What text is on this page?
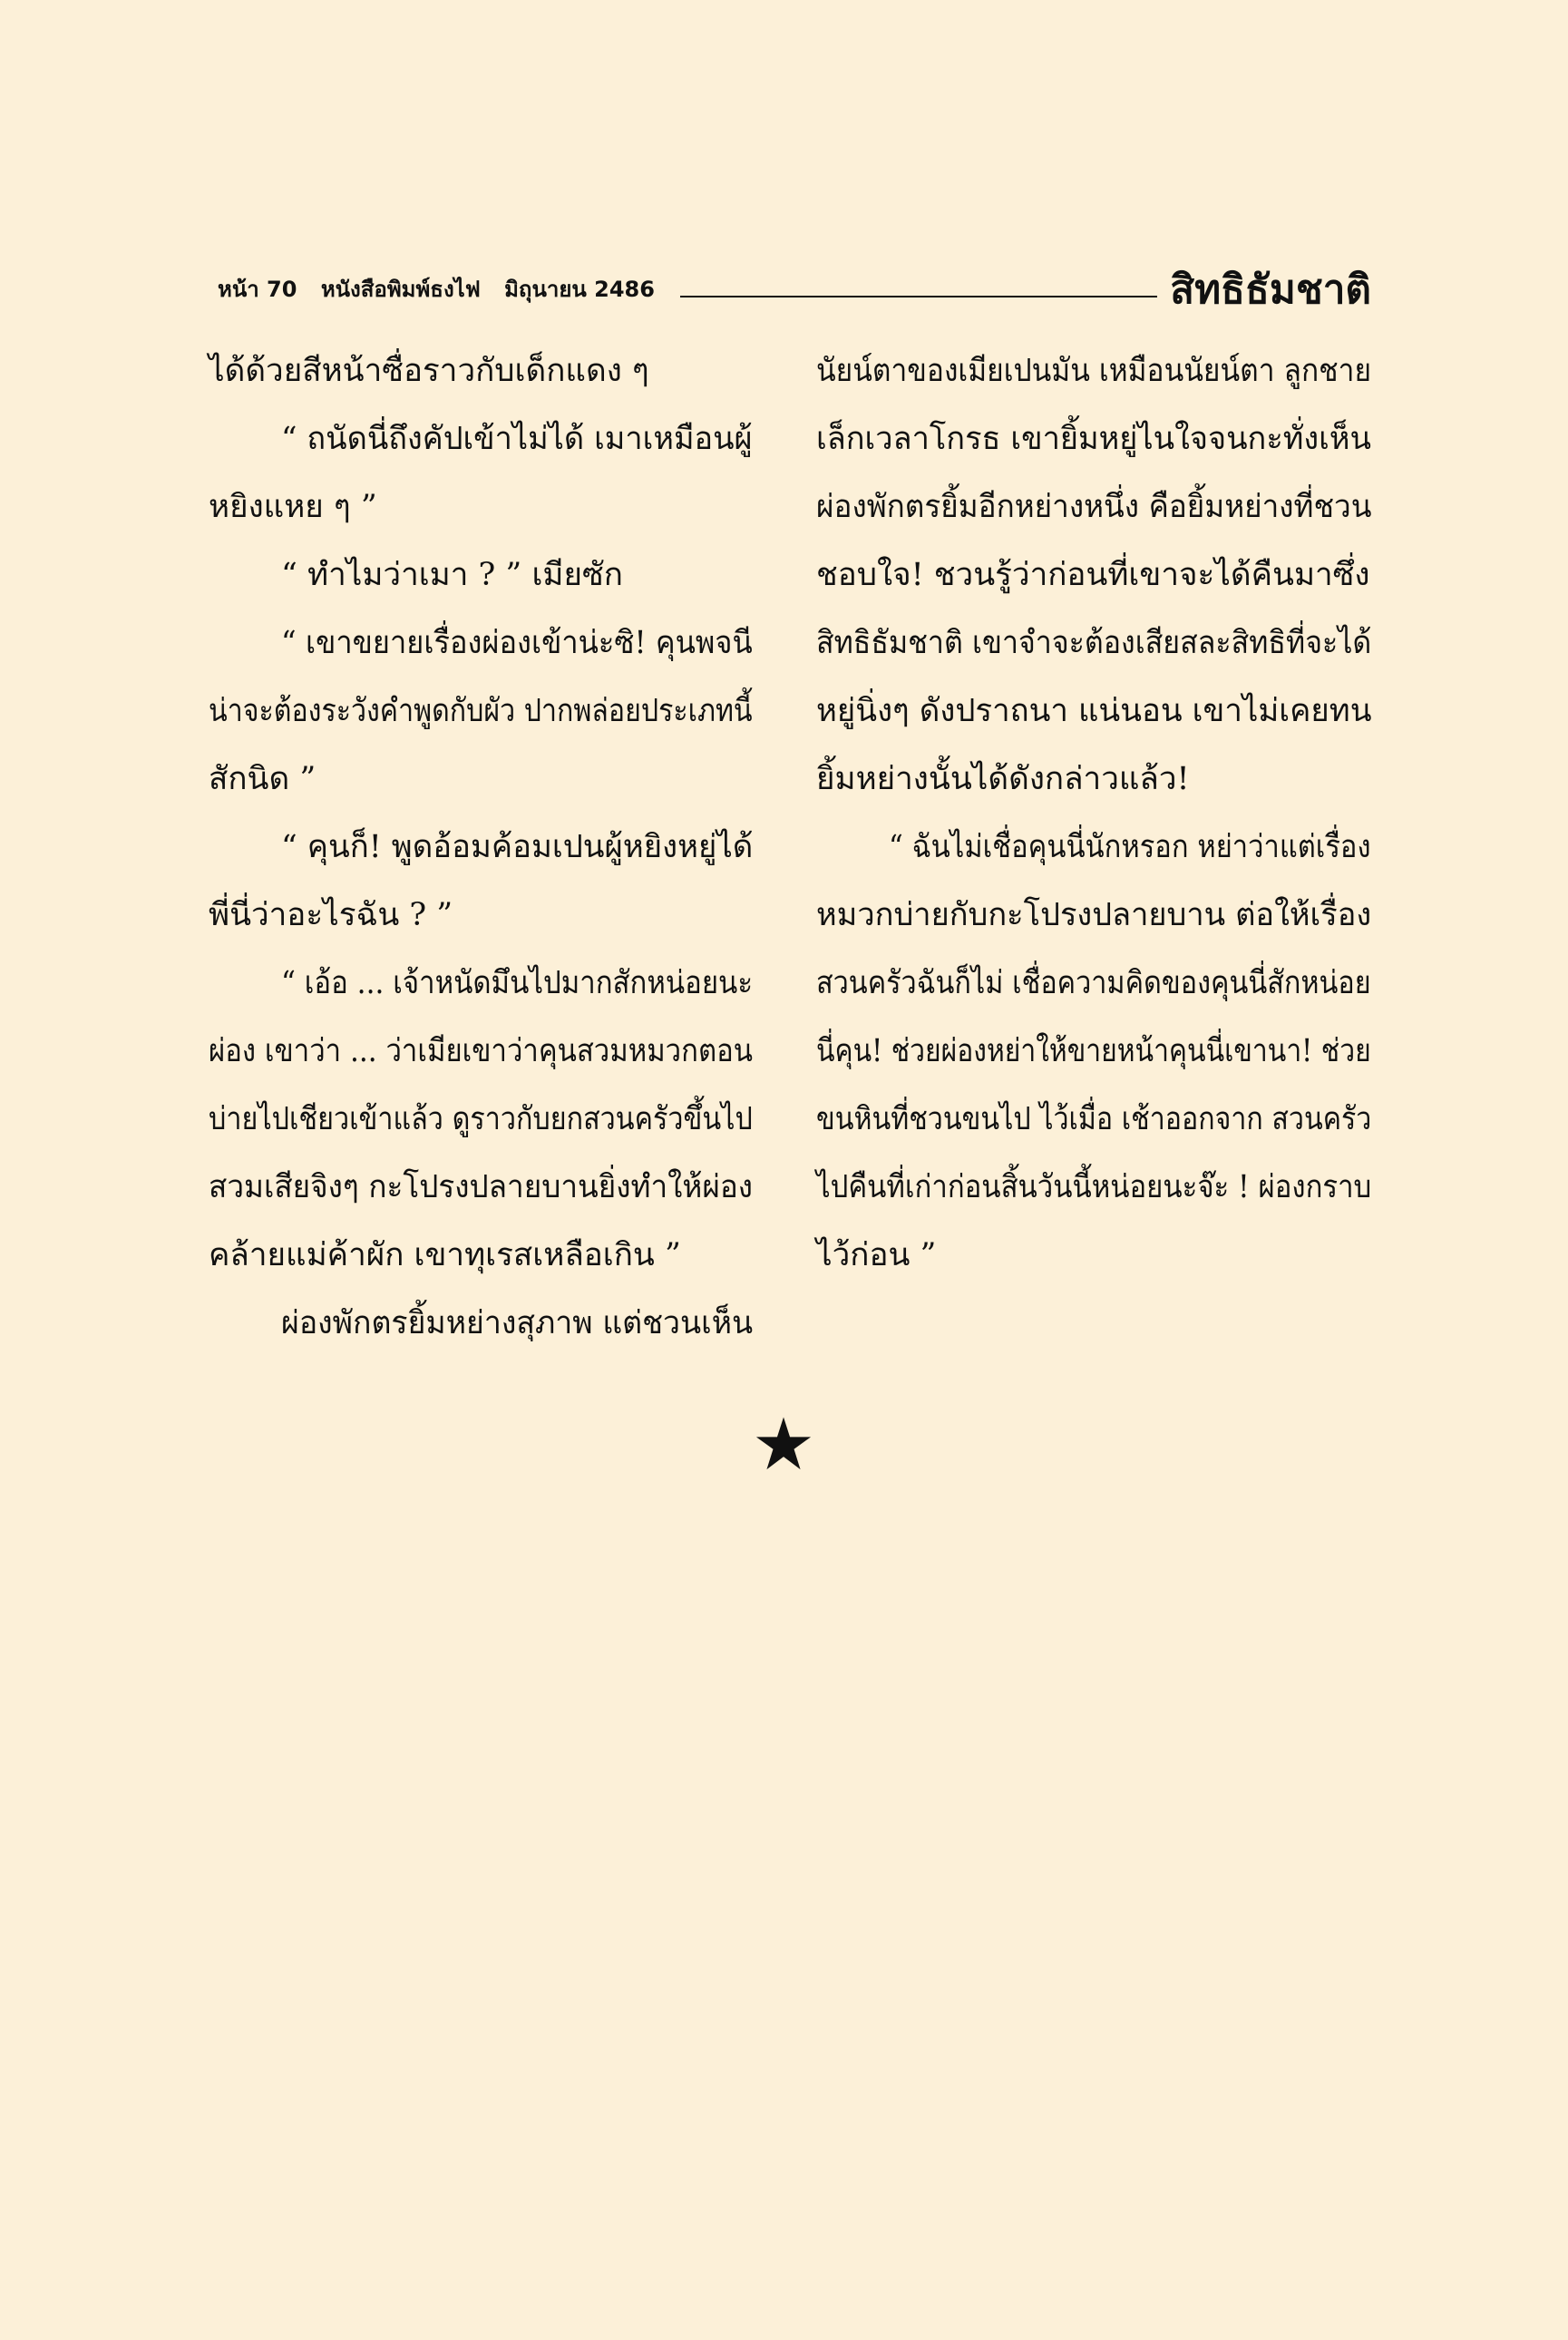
หน้า 70 หนังสือพิมพ์ธงไฟ มิถุนายน 2486	สิทธิธัมชาติ

ได้ด้วยสีหน้าซื่อราวกับเด็กแดง ๆ

“ ถนัดนี่ถึงคัปเข้าไม่ได้ เมาเหมือนผู้

หยิงแหย ๆ ”

“ ทำไมว่าเมา ? ” เมียซัก

“ เขาขยายเรื่องผ่องเข้าน่ะซิ! คุนพจนี

น่าจะต้องระวังคำพูดกับผัว ปากพล่อยประเภทนี้

สักนิด ”

“ คุนก็! พูดอ้อมค้อมเปนผู้หยิงหยู่ได้

พี่นี่ว่าอะไรฉัน ? ”

“ เอ้อ ... เจ้าหนัดมึนไปมากสักหน่อยนะ

ผ่อง เขาว่า ... ว่าเมียเขาว่าคุนสวมหมวกตอน

บ่ายไปเชียวเข้าแล้ว ดูราวกับยกสวนครัวขึ้นไป

สวมเสียจิงๆ กะโปรงปลายบานยิ่งทำให้ผ่อง

คล้ายแม่ค้าผัก เขาทุเรสเหลือเกิน ”

ผ่องพักตรยิ้มหย่างสุภาพ แต่ชวนเห็น

นัยน์ตาของเมียเปนมัน เหมือนนัยน์ตา ลูกชาย

เล็กเวลาโกรธ เขายิ้มหยู่ไนใจจนกะทั่งเห็น

ผ่องพักตรยิ้มอีกหย่างหนึ่ง คือยิ้มหย่างที่ชวน

ชอบใจ! ชวนรู้ว่าก่อนที่เขาจะได้คืนมาซึ่ง

สิทธิธัมชาติ เขาจำจะต้องเสียสละสิทธิที่จะได้

หยู่นิ่งๆ ดังปราถนา แน่นอน เขาไม่เคยทน

ยิ้มหย่างนั้นได้ดังกล่าวแล้ว!

“ ฉันไม่เชื่อคุนนี่นักหรอก หย่าว่าแต่เรื่อง

หมวกบ่ายกับกะโปรงปลายบาน ต่อให้เรื่อง

สวนครัวฉันก็ไม่ เชื่อความคิดของคุนนี่สักหน่อย

นี่คุน! ช่วยผ่องหย่าให้ขายหน้าคุนนี่เขานา! ช่วย

ขนหินที่ชวนขนไป ไว้เมื่อ เช้าออกจาก สวนครัว

ไปคืนที่เก่าก่อนสิ้นวันนี้หน่อยนะจ๊ะ ! ผ่องกราบ

ไว้ก่อน ”
